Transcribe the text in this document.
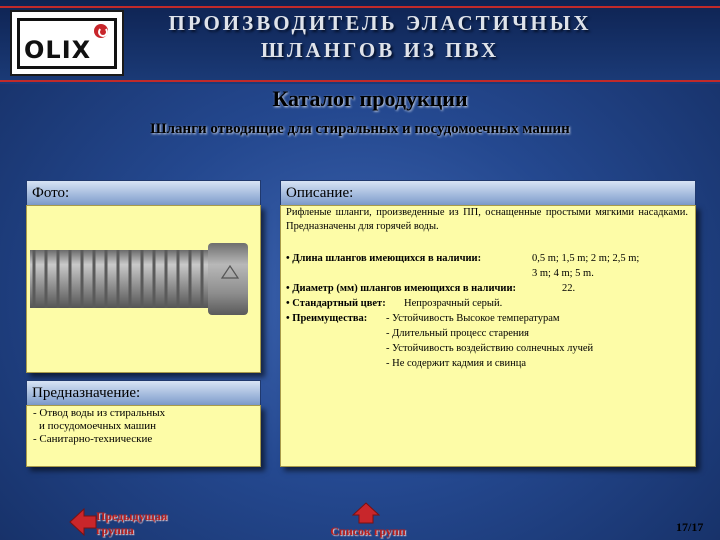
OLIX
ПРОИЗВОДИТЕЛЬ ЭЛАСТИЧНЫХ
ШЛАНГОВ ИЗ ПВХ
Каталог продукции
Шланги отводящие для стиральных и посудомоечных машин
Фото:	Описание:
Рифленые шланги, произведенные из ПП, оснащенные простыми мягкими насадками. Предназначены для горячей воды.
• Длина шлангов имеющихся в наличии:	0,5 m; 1,5 m; 2 m; 2,5 m;
3 m; 4 m; 5 m.
• Диаметр (мм) шлангов имеющихся в наличии:	22.
• Стандартный цвет: Непрозрачный серый.
• Преимущества: - Устойчивость Высокое температурам
- Длительный процесс старения
- Устойчивость воздействию солнечных лучей
- Не содержит кадмия и свинца
Предназначение:
- Отвод воды из стиральных
и посудомоечных машин
- Санитарно-технические
Предыдущая
группа	Список групп	17/17
